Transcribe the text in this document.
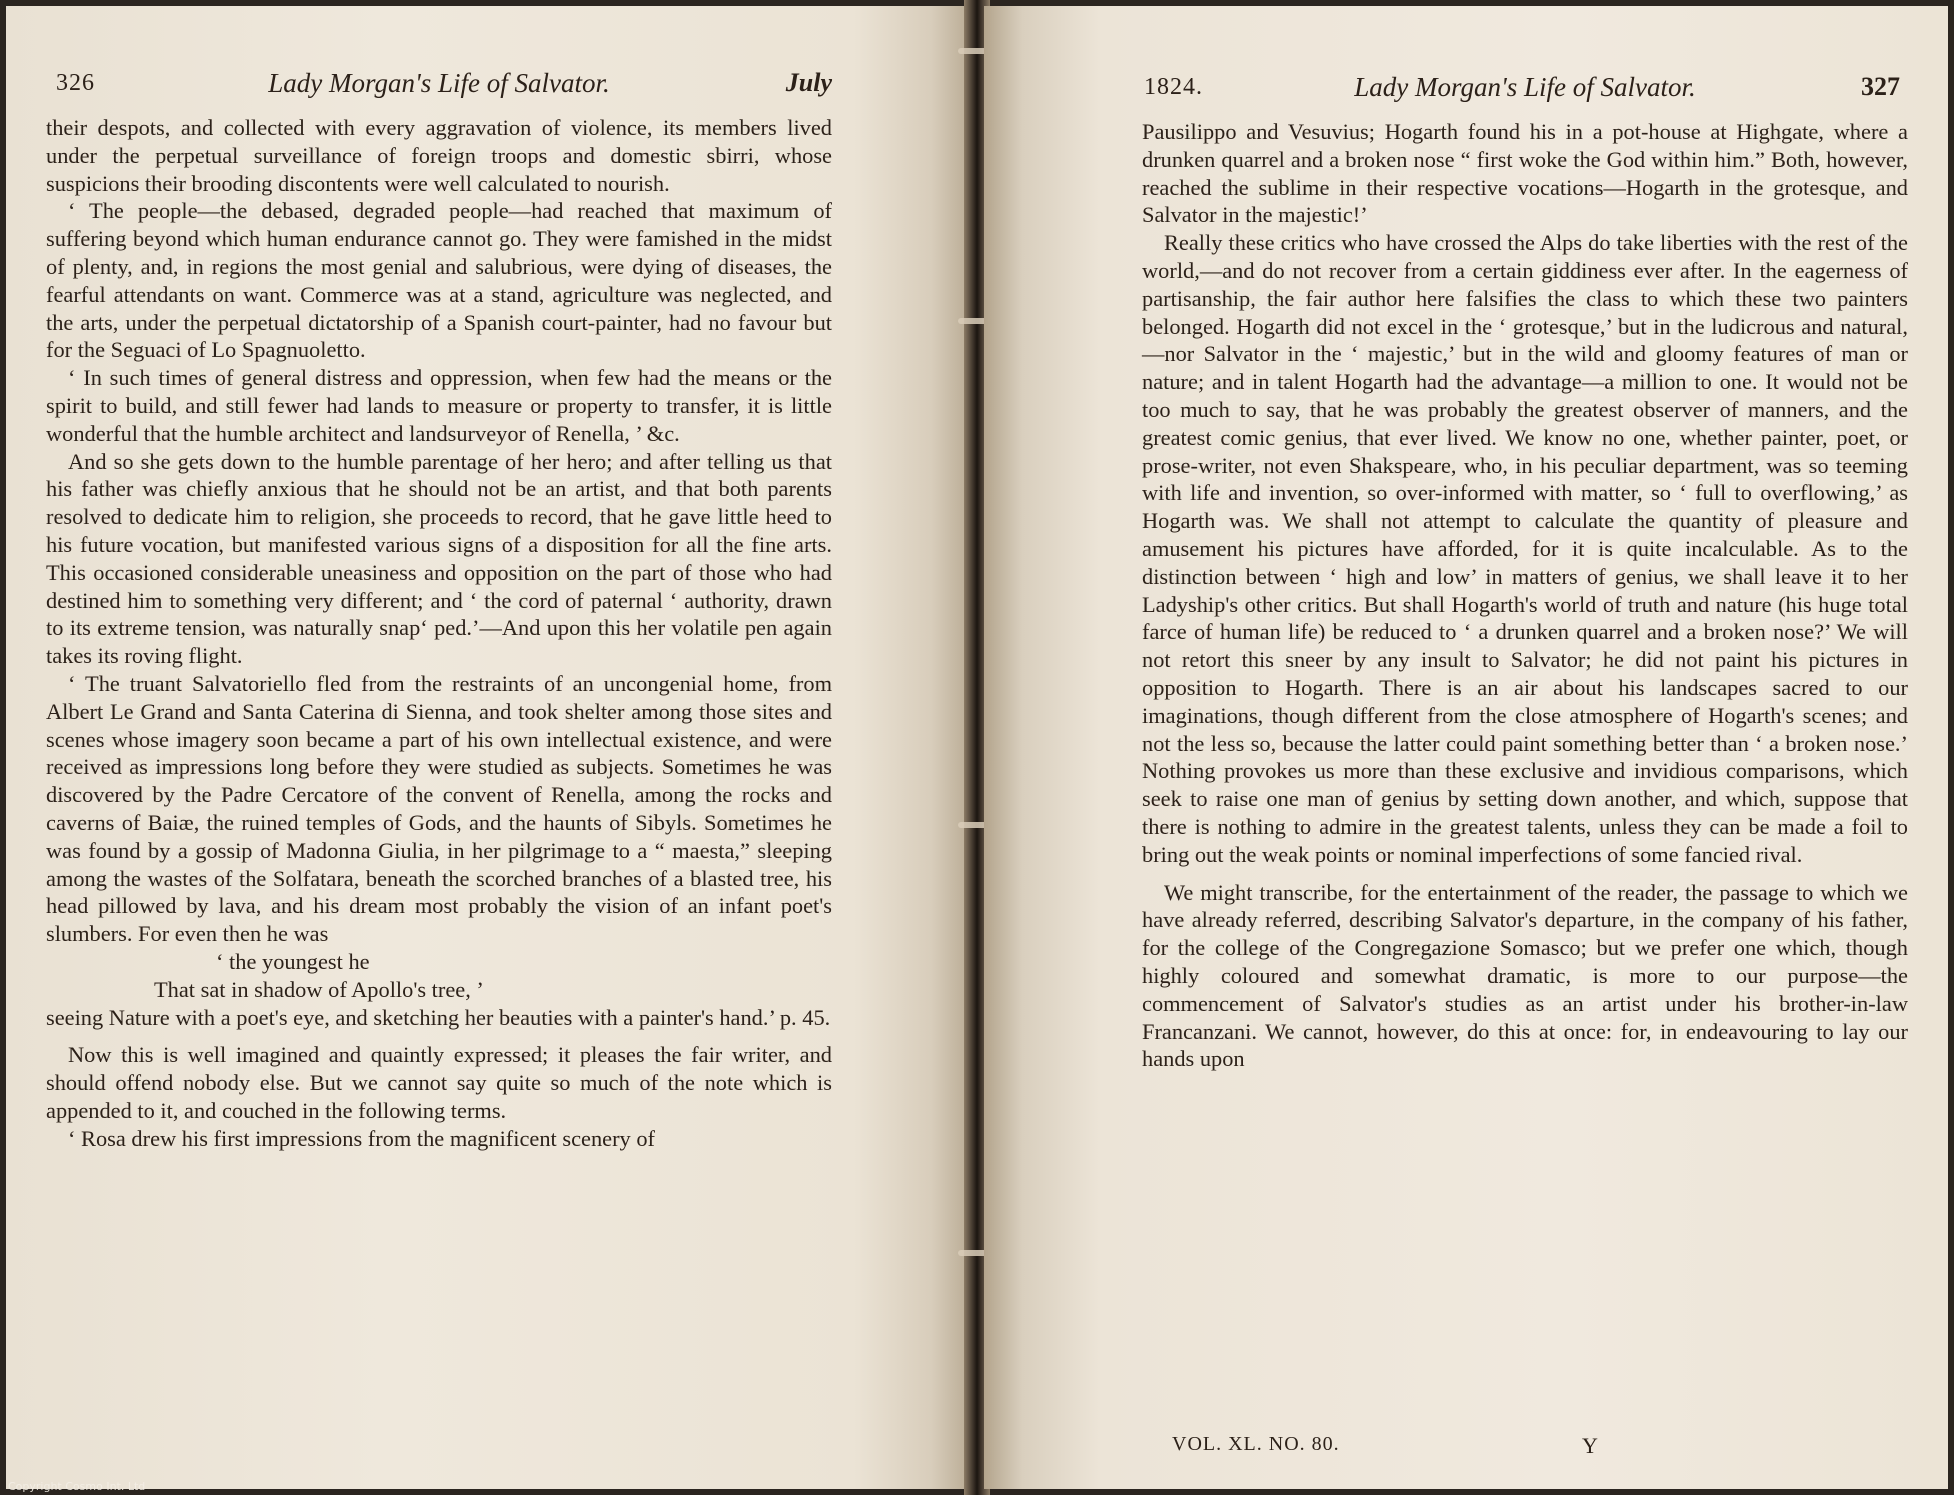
326	Lady Morgan's Life of Salvator.	July

their despots, and collected with every aggravation of violence, its members lived under the perpetual surveillance of foreign troops and domestic sbirri, whose suspicions their brooding discontents were well calculated to nourish.

‘ The people—the debased, degraded people—had reached that maximum of suffering beyond which human endurance cannot go. They were famished in the midst of plenty, and, in regions the most genial and salubrious, were dying of diseases, the fearful attendants on want. Commerce was at a stand, agriculture was neglected, and the arts, under the perpetual dictatorship of a Spanish court-painter, had no favour but for the Seguaci of Lo Spagnuoletto.

‘ In such times of general distress and oppression, when few had the means or the spirit to build, and still fewer had lands to measure or property to transfer, it is little wonderful that the humble architect and landsurveyor of Renella, ’ &c.

And so she gets down to the humble parentage of her hero; and after telling us that his father was chiefly anxious that he should not be an artist, and that both parents resolved to dedicate him to religion, she proceeds to record, that he gave little heed to his future vocation, but manifested various signs of a disposition for all the fine arts. This occasioned considerable uneasiness and opposition on the part of those who had destined him to something very different; and ‘ the cord of paternal ‘ authority, drawn to its extreme tension, was naturally snap‘ ped.’—And upon this her volatile pen again takes its roving flight.

‘ The truant Salvatoriello fled from the restraints of an uncongenial home, from Albert Le Grand and Santa Caterina di Sienna, and took shelter among those sites and scenes whose imagery soon became a part of his own intellectual existence, and were received as impressions long before they were studied as subjects. Sometimes he was discovered by the Padre Cercatore of the convent of Renella, among the rocks and caverns of Baiæ, the ruined temples of Gods, and the haunts of Sibyls. Sometimes he was found by a gossip of Madonna Giulia, in her pilgrimage to a “ maesta,” sleeping among the wastes of the Solfatara, beneath the scorched branches of a blasted tree, his head pillowed by lava, and his dream most probably the vision of an infant poet's slumbers. For even then he was

‘ the youngest he

That sat in shadow of Apollo's tree, ’

seeing Nature with a poet's eye, and sketching her beauties with a painter's hand.’ p. 45.

Now this is well imagined and quaintly expressed; it pleases the fair writer, and should offend nobody else. But we cannot say quite so much of the note which is appended to it, and couched in the following terms.

‘ Rosa drew his first impressions from the magnificent scenery of

1824.	Lady Morgan's Life of Salvator.	327

Pausilippo and Vesuvius; Hogarth found his in a pot-house at Highgate, where a drunken quarrel and a broken nose “ first woke the God within him.” Both, however, reached the sublime in their respective vocations—Hogarth in the grotesque, and Salvator in the majestic!’

Really these critics who have crossed the Alps do take liberties with the rest of the world,—and do not recover from a certain giddiness ever after. In the eagerness of partisanship, the fair author here falsifies the class to which these two painters belonged. Hogarth did not excel in the ‘ grotesque,’ but in the ludicrous and natural,—nor Salvator in the ‘ majestic,’ but in the wild and gloomy features of man or nature; and in talent Hogarth had the advantage—a million to one. It would not be too much to say, that he was probably the greatest observer of manners, and the greatest comic genius, that ever lived. We know no one, whether painter, poet, or prose-writer, not even Shakspeare, who, in his peculiar department, was so teeming with life and invention, so over-informed with matter, so ‘ full to overflowing,’ as Hogarth was. We shall not attempt to calculate the quantity of pleasure and amusement his pictures have afforded, for it is quite incalculable. As to the distinction between ‘ high and low’ in matters of genius, we shall leave it to her Ladyship's other critics. But shall Hogarth's world of truth and nature (his huge total farce of human life) be reduced to ‘ a drunken quarrel and a broken nose?’ We will not retort this sneer by any insult to Salvator; he did not paint his pictures in opposition to Hogarth. There is an air about his landscapes sacred to our imaginations, though different from the close atmosphere of Hogarth's scenes; and not the less so, because the latter could paint something better than ‘ a broken nose.’ Nothing provokes us more than these exclusive and invidious comparisons, which seek to raise one man of genius by setting down another, and which, suppose that there is nothing to admire in the greatest talents, unless they can be made a foil to bring out the weak points or nominal imperfections of some fancied rival.

We might transcribe, for the entertainment of the reader, the passage to which we have already referred, describing Salvator's departure, in the company of his father, for the college of the Congregazione Somasco; but we prefer one which, though highly coloured and somewhat dramatic, is more to our purpose—the commencement of Salvator's studies as an artist under his brother-in-law Francanzani. We cannot, however, do this at once: for, in endeavouring to lay our hands upon

VOL. XL. NO. 80.	Y
Copyright Cosmo Int. Ltd
